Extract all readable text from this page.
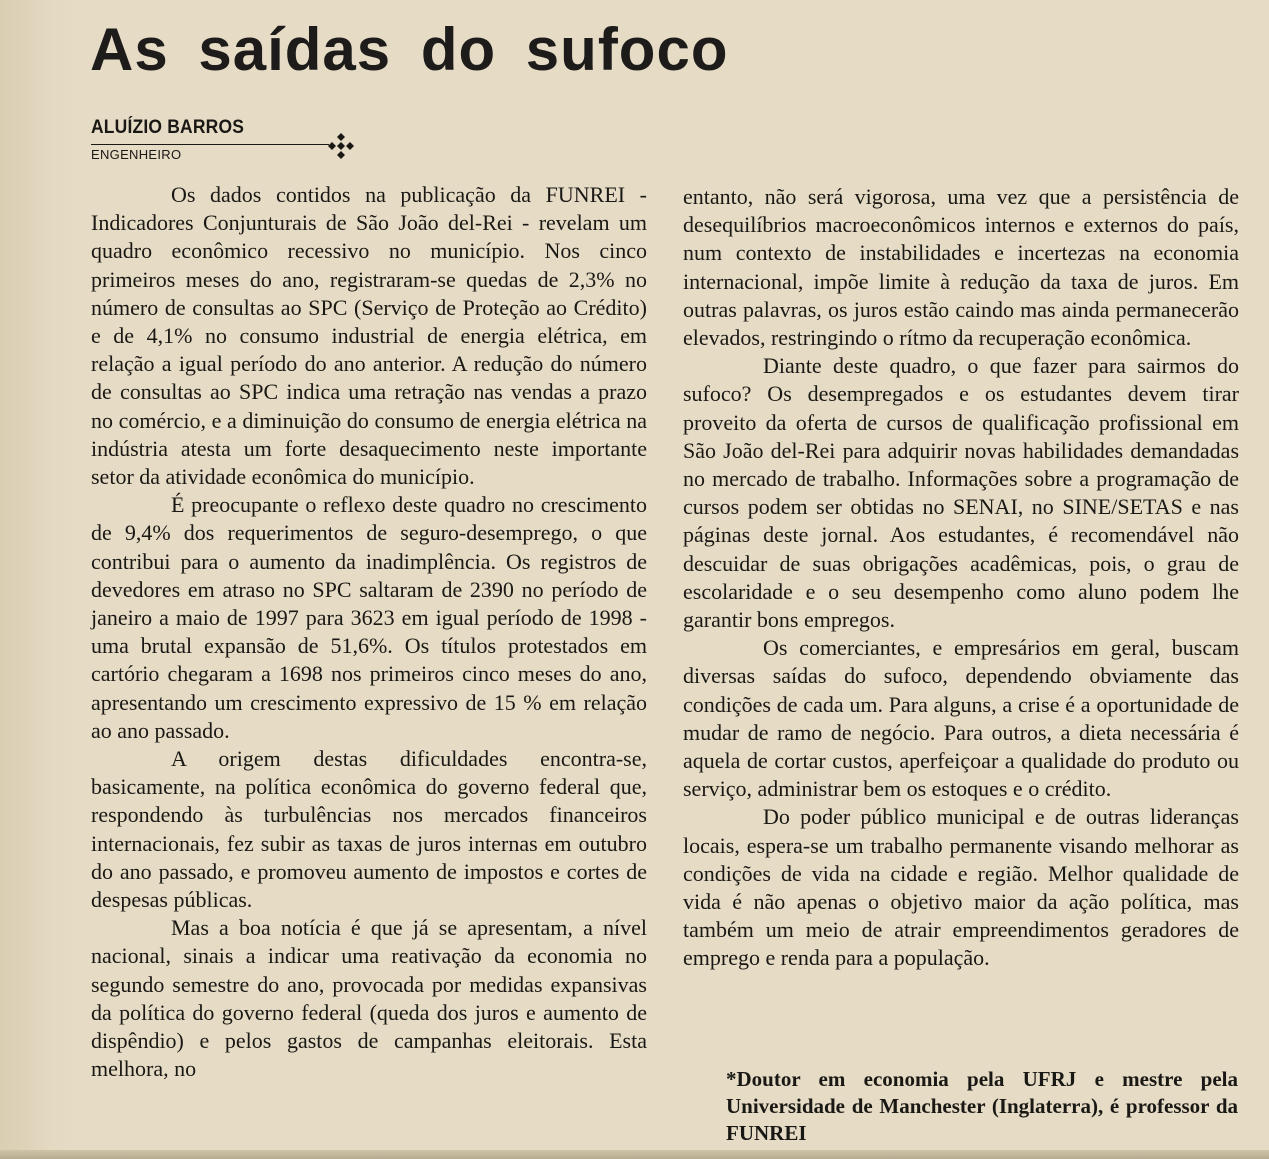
As saídas do sufoco
ALUÍZIO BARROS
ENGENHEIRO

Os dados contidos na publicação da FUNREI - Indicadores Conjunturais de São João del-Rei - revelam um quadro econômico recessivo no município. Nos cinco primeiros meses do ano, registraram-se quedas de 2,3% no número de consultas ao SPC (Serviço de Proteção ao Crédito) e de 4,1% no consumo industrial de energia elétrica, em relação a igual período do ano anterior. A redução do número de consultas ao SPC indica uma retração nas vendas a prazo no comércio, e a diminuição do consumo de energia elétrica na indústria atesta um forte desaquecimento neste importante setor da atividade econômica do município.

É preocupante o reflexo deste quadro no crescimento de 9,4% dos requerimentos de seguro-desemprego, o que contribui para o aumento da inadimplência. Os registros de devedores em atraso no SPC saltaram de 2390 no período de janeiro a maio de 1997 para 3623 em igual período de 1998 - uma brutal expansão de 51,6%. Os títulos protestados em cartório chegaram a 1698 nos primeiros cinco meses do ano, apresentando um crescimento expressivo de 15 % em relação ao ano passado.

A origem destas dificuldades encontra-se, basicamente, na política econômica do governo federal que, respondendo às turbulências nos mercados financeiros internacionais, fez subir as taxas de juros internas em outubro do ano passado, e promoveu aumento de impostos e cortes de despesas públicas.

Mas a boa notícia é que já se apresentam, a nível nacional, sinais a indicar uma reativação da economia no segundo semestre do ano, provocada por medidas expansivas da política do governo federal (queda dos juros e aumento de dispêndio) e pelos gastos de campanhas eleitorais. Esta melhora, no

entanto, não será vigorosa, uma vez que a persistência de desequilíbrios macroeconômicos internos e externos do país, num contexto de instabilidades e incertezas na economia internacional, impõe limite à redução da taxa de juros. Em outras palavras, os juros estão caindo mas ainda permanecerão elevados, restringindo o rítmo da recuperação econômica.

Diante deste quadro, o que fazer para sairmos do sufoco? Os desempregados e os estudantes devem tirar proveito da oferta de cursos de qualificação profissional em São João del-Rei para adquirir novas habilidades demandadas no mercado de trabalho. Informações sobre a programação de cursos podem ser obtidas no SENAI, no SINE/SETAS e nas páginas deste jornal. Aos estudantes, é recomendável não descuidar de suas obrigações acadêmicas, pois, o grau de escolaridade e o seu desempenho como aluno podem lhe garantir bons empregos.

Os comerciantes, e empresários em geral, buscam diversas saídas do sufoco, dependendo obviamente das condições de cada um. Para alguns, a crise é a oportunidade de mudar de ramo de negócio. Para outros, a dieta necessária é aquela de cortar custos, aperfeiçoar a qualidade do produto ou serviço, administrar bem os estoques e o crédito.

Do poder público municipal e de outras lideranças locais, espera-se um trabalho permanente visando melhorar as condições de vida na cidade e região. Melhor qualidade de vida é não apenas o objetivo maior da ação política, mas também um meio de atrair empreendimentos geradores de emprego e renda para a população.

*Doutor em economia pela UFRJ e mestre pela Universidade de Manchester (Inglaterra), é professor da FUNREI
